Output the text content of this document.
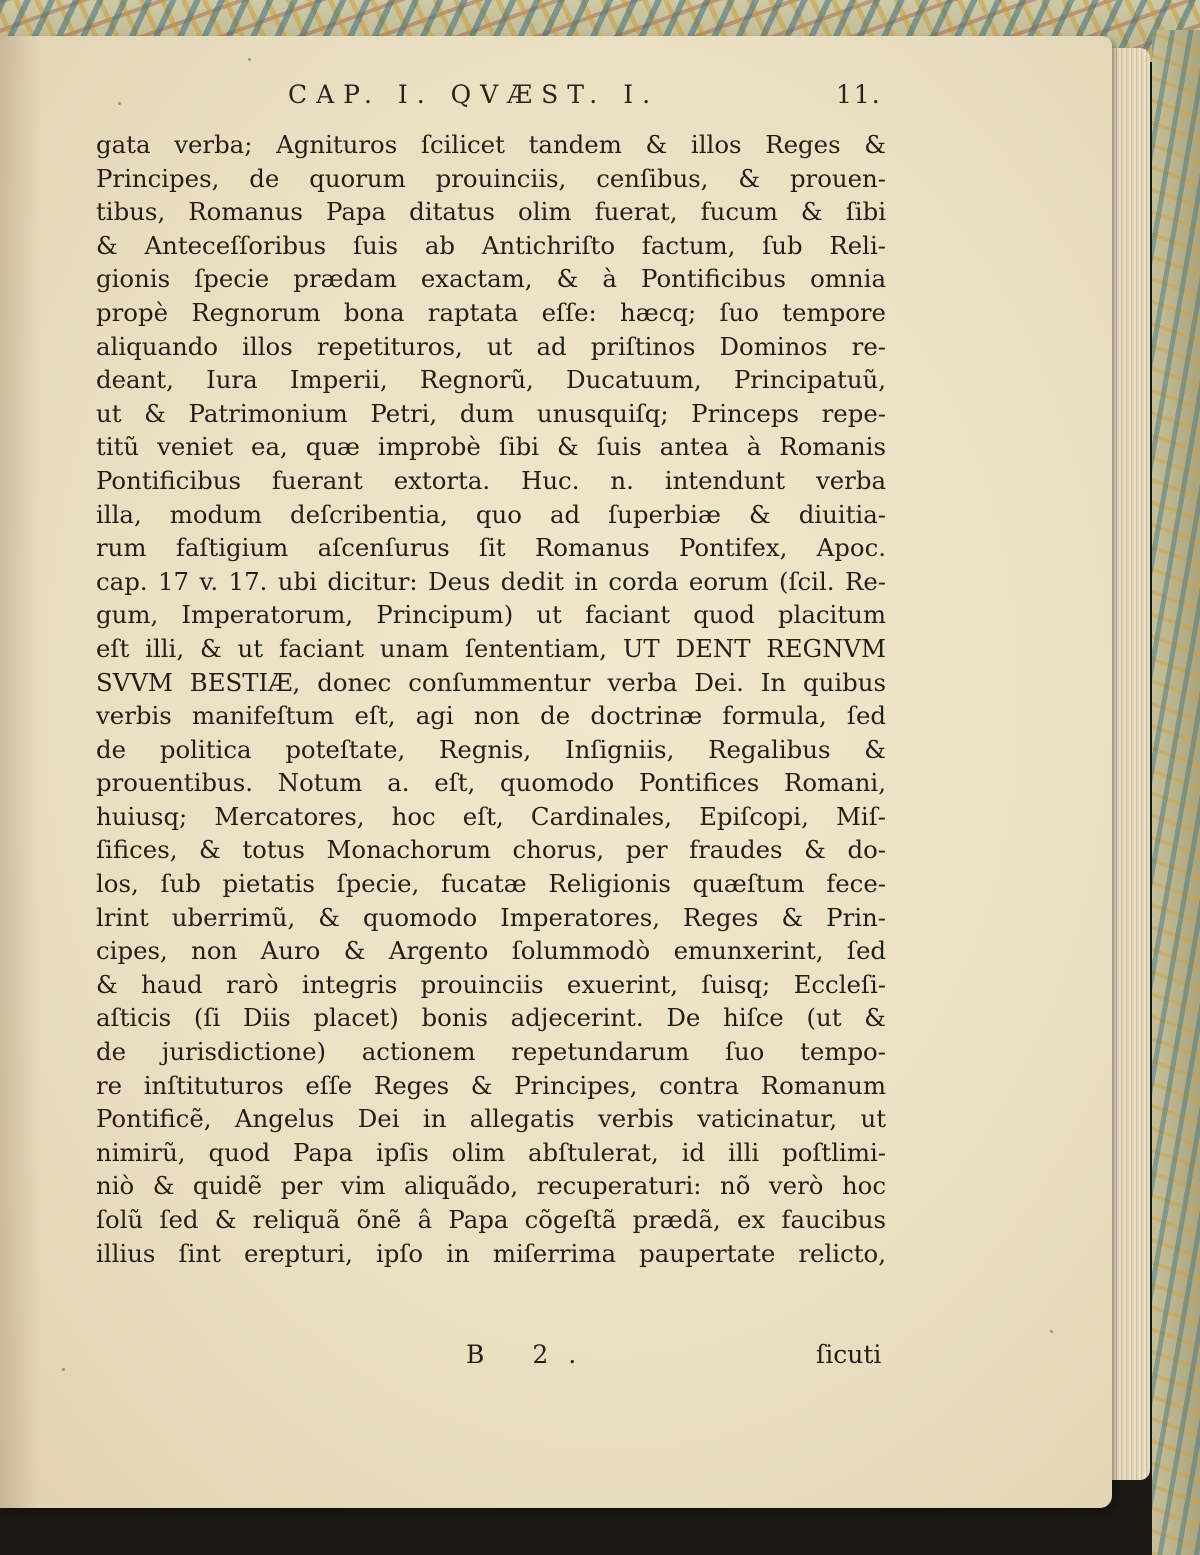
CAP. I. QVÆST. I.	11.
gata verba; Agnituros ſcilicet tandem & illos Reges &
Principes, de quorum prouinciis, cenſibus, & prouen-
tibus, Romanus Papa ditatus olim fuerat, fucum & ſibi
& Anteceſſoribus ſuis ab Antichriſto factum, ſub Reli-
gionis ſpecie prædam exactam, & à Pontificibus omnia
propè Regnorum bona raptata eſſe: hæcq; ſuo tempore
aliquando illos repetituros, ut ad priſtinos Dominos re-
deant, Iura Imperii, Regnorũ, Ducatuum, Principatuũ,
ut & Patrimonium Petri, dum unusquiſq; Princeps repe-
titũ veniet ea, quæ improbè ſibi & ſuis antea à Romanis
Pontificibus fuerant extorta. Huc. n. intendunt verba
illa, modum deſcribentia, quo ad ſuperbiæ & diuitia-
rum faſtigium aſcenſurus ſit Romanus Pontifex, Apoc.
cap. 17 v. 17. ubi dicitur: Deus dedit in corda eorum (ſcil. Re-
gum, Imperatorum, Principum) ut faciant quod placitum
eſt illi, & ut faciant unam ſententiam, UT DENT REGNVM
SVVM BESTIÆ, donec conſummentur verba Dei. In quibus
verbis manifeſtum eſt, agi non de doctrinæ formula, ſed
de politica poteſtate, Regnis, Inſigniis, Regalibus &
prouentibus. Notum a. eſt, quomodo Pontifices Romani,
huiusq; Mercatores, hoc eſt, Cardinales, Epiſcopi, Miſ-
ſifices, & totus Monachorum chorus, per fraudes & do-
los, ſub pietatis ſpecie, fucatæ Religionis quæſtum fece-
lrint uberrimũ, & quomodo Imperatores, Reges & Prin-
cipes, non Auro & Argento ſolummodò emunxerint, ſed
& haud rarò integris prouinciis exuerint, ſuisq; Eccleſi-
aſticis (ſi Diis placet) bonis adjecerint. De hiſce (ut &
de jurisdictione) actionem repetundarum ſuo tempo-
re inſtituturos eſſe Reges & Principes, contra Romanum
Pontificẽ, Angelus Dei in allegatis verbis vaticinatur, ut
nimirũ, quod Papa ipſis olim abſtulerat, id illi poſtlimi-
niò & quidẽ per vim aliquãdo, recuperaturi: nõ verò hoc
ſolũ ſed & reliquã õnẽ â Papa cõgeſtã prædã, ex faucibus
illius ſint erepturi, ipſo in miſerrima paupertate relicto,
B 2.	ſicuti
